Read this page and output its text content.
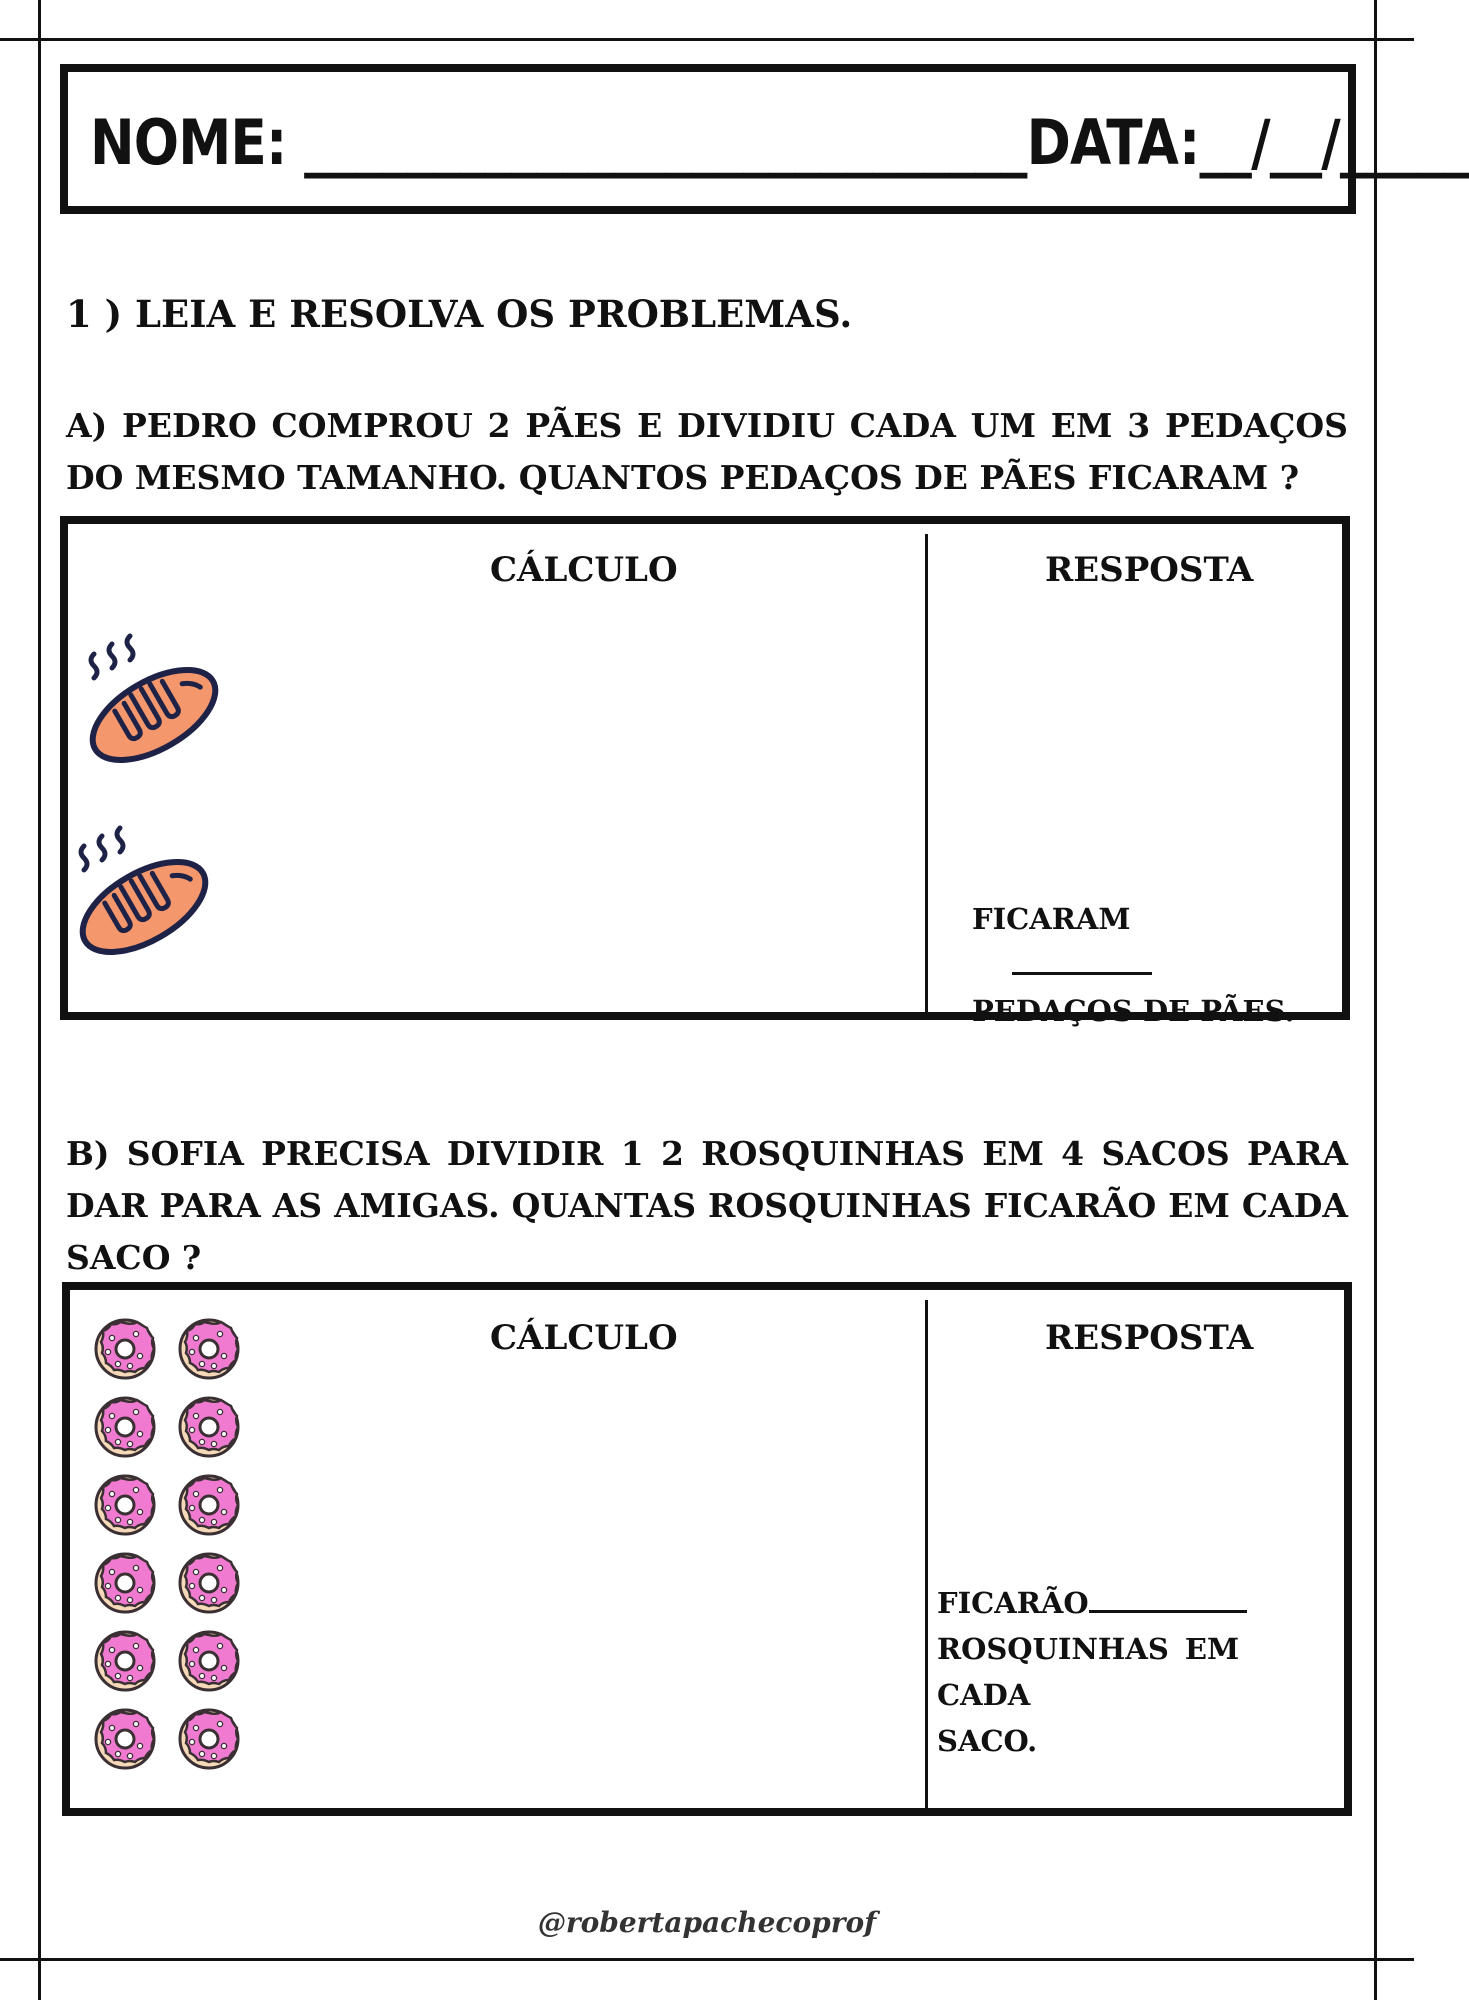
NOME: ____________________________DATA:__/__/_____
1 ) LEIA E RESOLVA OS PROBLEMAS.
A) PEDRO COMPROU 2 PÃES E DIVIDIU CADA UM EM 3 PEDAÇOS DO MESMO TAMANHO. QUANTOS PEDAÇOS DE PÃES FICARAM ?
CÁLCULO	RESPOSTA
FICARAM
PEDAÇOS DE PÃES.
B) SOFIA PRECISA DIVIDIR 1 2 ROSQUINHAS EM 4 SACOS PARA DAR PARA AS AMIGAS. QUANTAS ROSQUINHAS FICARÃO EM CADA SACO ?
CÁLCULO	RESPOSTA
FICARÃO
ROSQUINHAS EM CADA
SACO.
@robertapachecoprof
